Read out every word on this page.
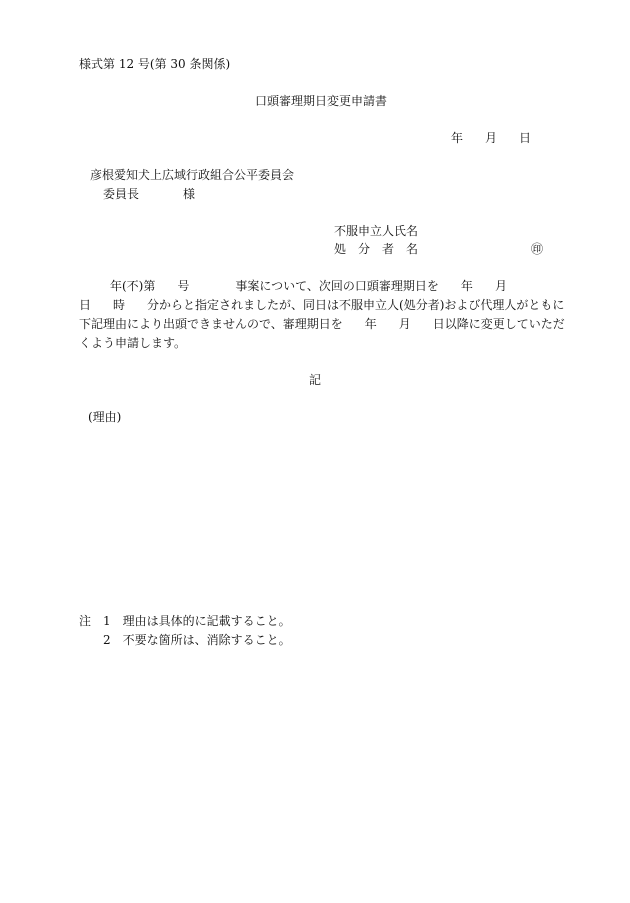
様式第 12 号(第 30 条関係)
口頭審理期日変更申請書
年 月 日
彦根愛知犬上広域行政組合公平委員会
委員長	様
不服申立人氏名
処　分　者　名	㊞
年(不)第 号	事案について、次回の口頭審理期日を 年 月
日 時 分からと指定されましたが、同日は不服申立人(処分者)および代理人がともに
下記理由により出頭できませんので、審理期日を 年 月 日以降に変更していただ
くよう申請します。
記
(理由)
注 1 理由は具体的に記載すること。
2 不要な箇所は、消除すること。
